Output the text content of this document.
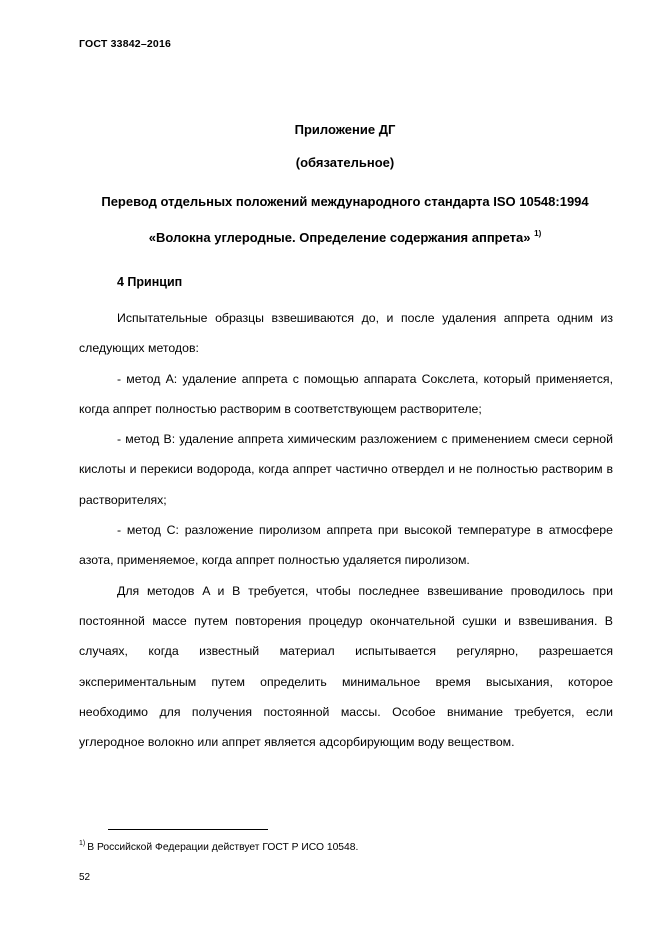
ГОСТ 33842–2016
Приложение ДГ
(обязательное)
Перевод отдельных положений международного стандарта ISO 10548:1994
«Волокна углеродные. Определение содержания аппрета» $^{1)}$
4 Принцип

Испытательные образцы взвешиваются до, и после удаления аппрета одним из следующих методов:

- метод A: удаление аппрета с помощью аппарата Сокслета, который применяется, когда аппрет полностью растворим в соответствующем растворителе;

- метод B: удаление аппрета химическим разложением с применением смеси серной кислоты и перекиси водорода, когда аппрет частично отвердел и не полностью растворим в растворителях;

- метод C: разложение пиролизом аппрета при высокой температуре в атмосфере азота, применяемое, когда аппрет полностью удаляется пиролизом.

Для методов A и B требуется, чтобы последнее взвешивание проводилось при постоянной массе путем повторения процедур окончательной сушки и взвешивания. В случаях, когда известный материал испытывается регулярно, разрешается экспериментальным путем определить минимальное время высыхания, которое необходимо для получения постоянной массы. Особое внимание требуется, если углеродное волокно или аппрет является адсорбирующим воду веществом.

$^{1)}$ В Российской Федерации действует ГОСТ Р ИСО 10548.
52
